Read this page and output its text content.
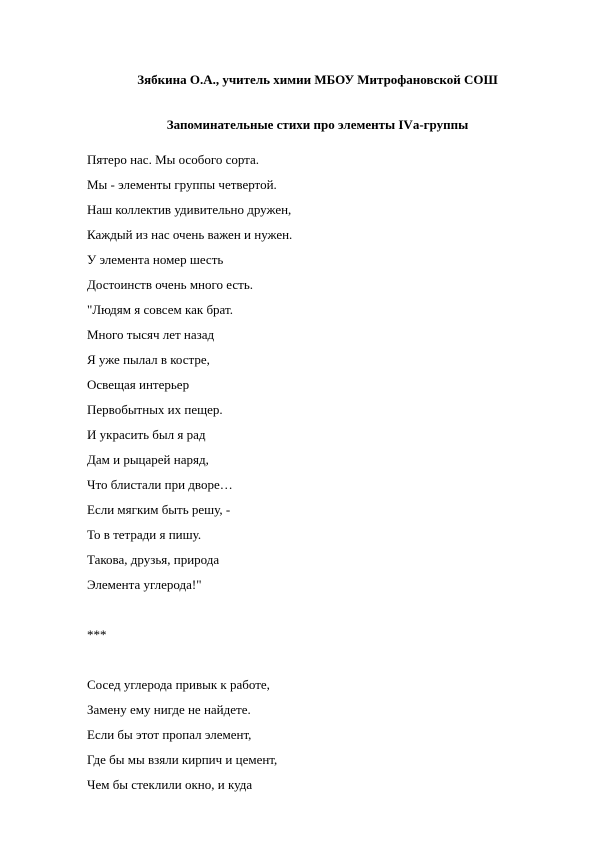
Зябкина О.А., учитель химии МБОУ Митрофановской СОШ
Запоминательные стихи про элементы IVа-группы
Пятеро нас. Мы особого сорта.
Мы - элементы группы четвертой.
Наш коллектив удивительно дружен,
Каждый из нас очень важен и нужен.
У элемента номер шесть
Достоинств очень много есть.
"Людям я совсем как брат.
Много тысяч лет назад
Я уже пылал в костре,
Освещая интерьер
Первобытных их пещер.
И украсить был я рад
Дам и рыцарей наряд,
Что блистали при дворе…
Если мягким быть решу, -
То в тетради я пишу.
Такова, друзья, природа
Элемента углерода!"
***
Сосед углерода привык к работе,
Замену ему нигде не найдете.
Если бы этот пропал элемент,
Где бы мы взяли кирпич и цемент,
Чем бы стеклили окно, и куда
